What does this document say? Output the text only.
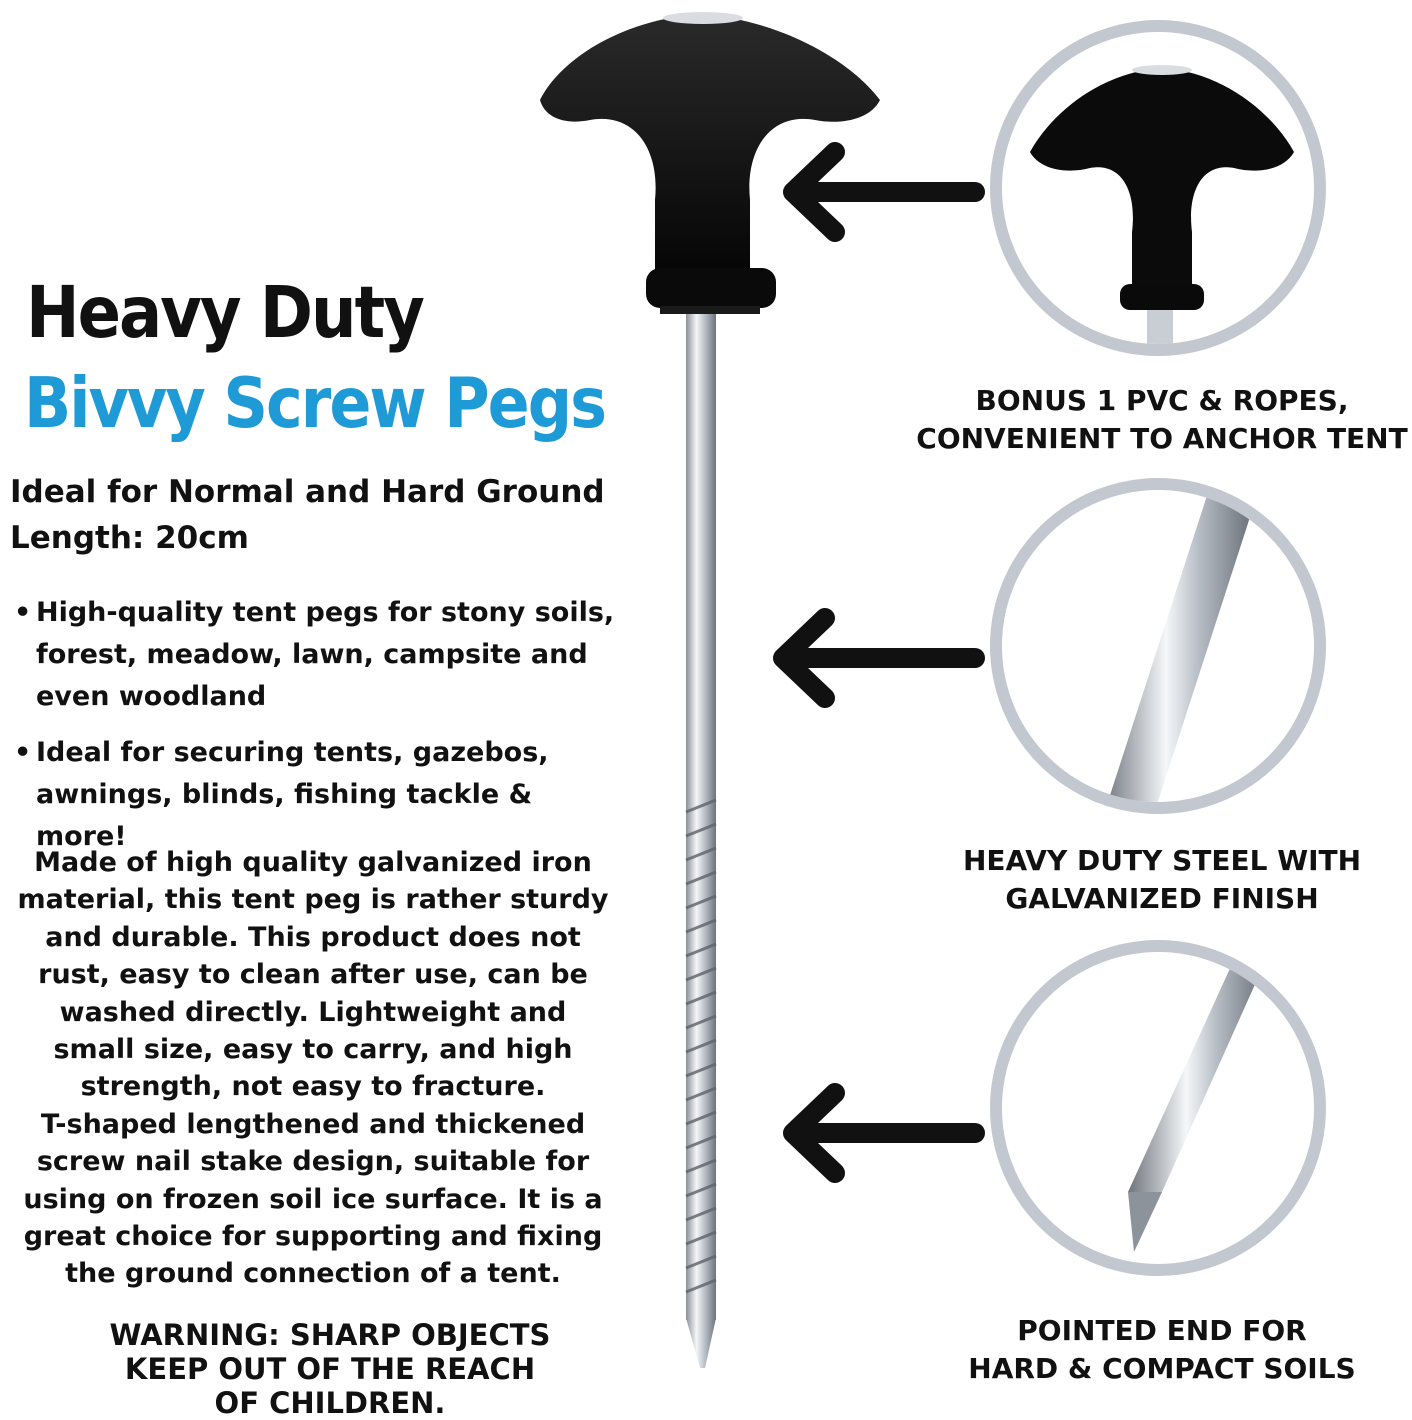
Heavy Duty
Bivvy Screw Pegs
Ideal for Normal and Hard Ground
Length: 20cm
• High-quality tent pegs for stony soils, forest, meadow, lawn, campsite and even woodland
• Ideal for securing tents, gazebos, awnings, blinds, fishing tackle & more!
Made of high quality galvanized iron
material, this tent peg is rather sturdy
and durable. This product does not
rust, easy to clean after use, can be
washed directly. Lightweight and
small size, easy to carry, and high
strength, not easy to fracture.
T-shaped lengthened and thickened
screw nail stake design, suitable for
using on frozen soil ice surface. It is a
great choice for supporting and fixing
the ground connection of a tent.
WARNING: SHARP OBJECTS
KEEP OUT OF THE REACH
OF CHILDREN.
BONUS 1 PVC & ROPES,
CONVENIENT TO ANCHOR TENT
HEAVY DUTY STEEL WITH
GALVANIZED FINISH
POINTED END FOR
HARD & COMPACT SOILS
